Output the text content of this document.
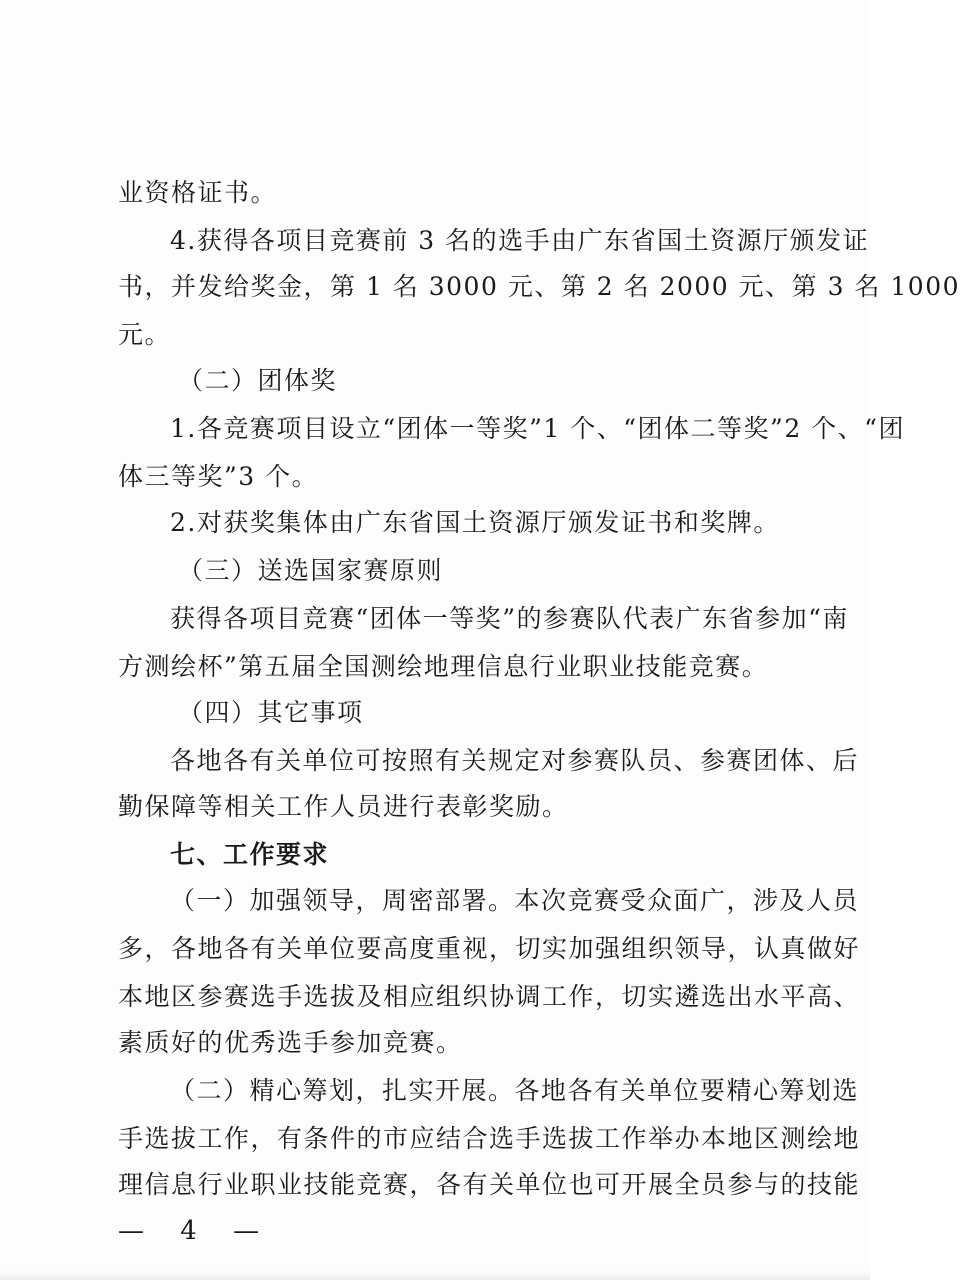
业资格证书。
4.获得各项目竞赛前 3 名的选手由广东省国土资源厅颁发证
书，并发给奖金，第 1 名 3000 元、第 2 名 2000 元、第 3 名 1000
元。
（二）团体奖
1.各竞赛项目设立“团体一等奖”1 个、“团体二等奖”2 个、“团
体三等奖”3 个。
2.对获奖集体由广东省国土资源厅颁发证书和奖牌。
（三）送选国家赛原则
获得各项目竞赛“团体一等奖”的参赛队代表广东省参加“南
方测绘杯”第五届全国测绘地理信息行业职业技能竞赛。
（四）其它事项
各地各有关单位可按照有关规定对参赛队员、参赛团体、后
勤保障等相关工作人员进行表彰奖励。
七、工作要求
（一）加强领导，周密部署。本次竞赛受众面广，涉及人员
多，各地各有关单位要高度重视，切实加强组织领导，认真做好
本地区参赛选手选拔及相应组织协调工作，切实遴选出水平高、
素质好的优秀选手参加竞赛。
（二）精心筹划，扎实开展。各地各有关单位要精心筹划选
手选拔工作，有条件的市应结合选手选拔工作举办本地区测绘地
理信息行业职业技能竞赛，各有关单位也可开展全员参与的技能
— 4 —
